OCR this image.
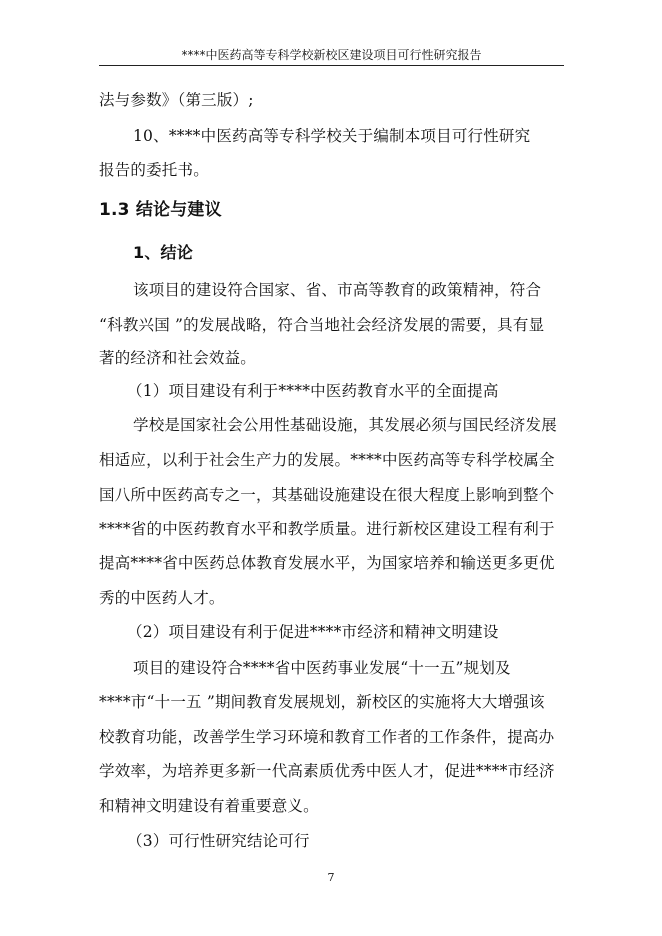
****中医药高等专科学校新校区建设项目可行性研究报告
法与参数》（第三版）;
10、****中医药高等专科学校关于编制本项目可行性研究
报告的委托书。
1.3 结论与建议
1、结论
该项目的建设符合国家、省、市高等教育的政策精神，符合
“科教兴国 ”的发展战略，符合当地社会经济发展的需要，具有显
著的经济和社会效益。
（1）项目建设有利于****中医药教育水平的全面提高
学校是国家社会公用性基础设施，其发展必须与国民经济发展
相适应，以利于社会生产力的发展。****中医药高等专科学校属全
国八所中医药高专之一，其基础设施建设在很大程度上影响到整个
****省的中医药教育水平和教学质量。进行新校区建设工程有利于
提高****省中医药总体教育发展水平，为国家培养和输送更多更优
秀的中医药人才。
（2）项目建设有利于促进****市经济和精神文明建设
项目的建设符合****省中医药事业发展“十一五”规划及
****市“十一五 ”期间教育发展规划，新校区的实施将大大增强该
校教育功能，改善学生学习环境和教育工作者的工作条件，提高办
学效率，为培养更多新一代高素质优秀中医人才，促进****市经济
和精神文明建设有着重要意义。
（3）可行性研究结论可行
7
